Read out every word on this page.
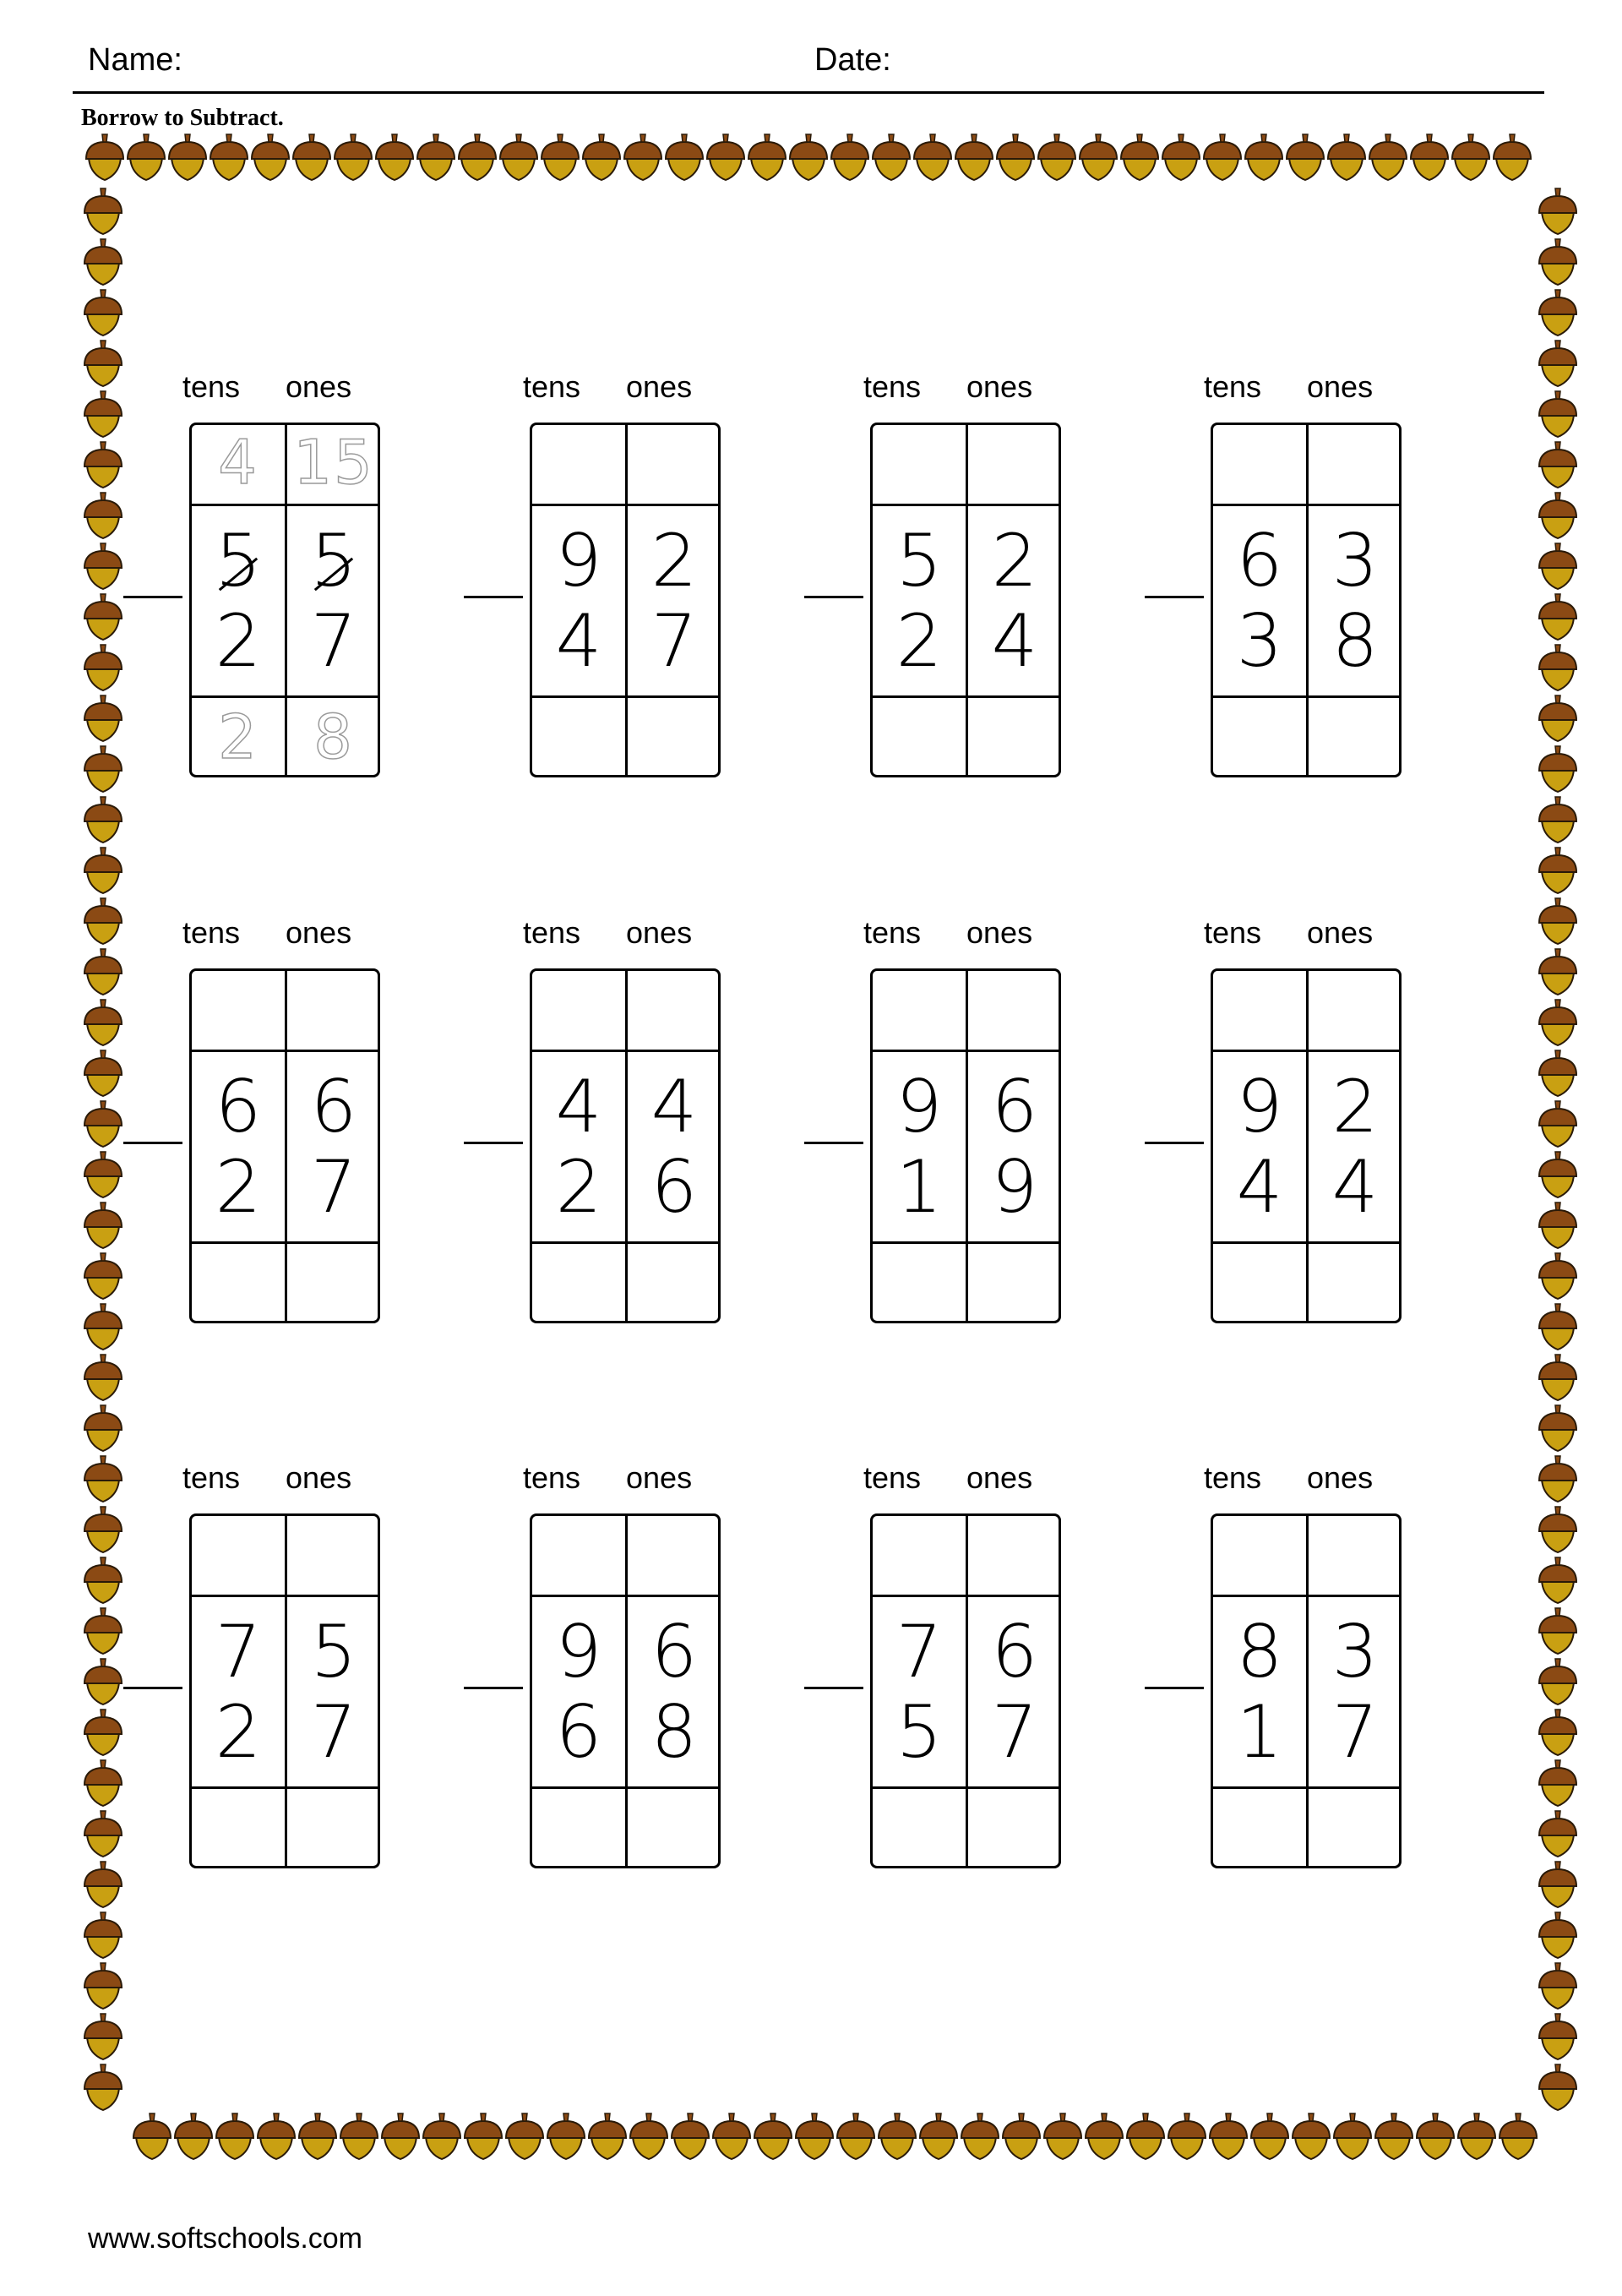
Name:	Date:
Borrow to Subtract.
tens ones
4 15
2 8
5 5
2 7
tens ones
9 2
4 7
tens ones
5 2
2 4
tens ones
6 3
3 8
tens ones
6 6
2 7
tens ones
4 4
2 6
tens ones
9 6
1 9
tens ones
9 2
4 4
tens ones
7 5
2 7
tens ones
9 6
6 8
tens ones
7 6
5 7
tens ones
8 3
1 7
www.softschools.com
